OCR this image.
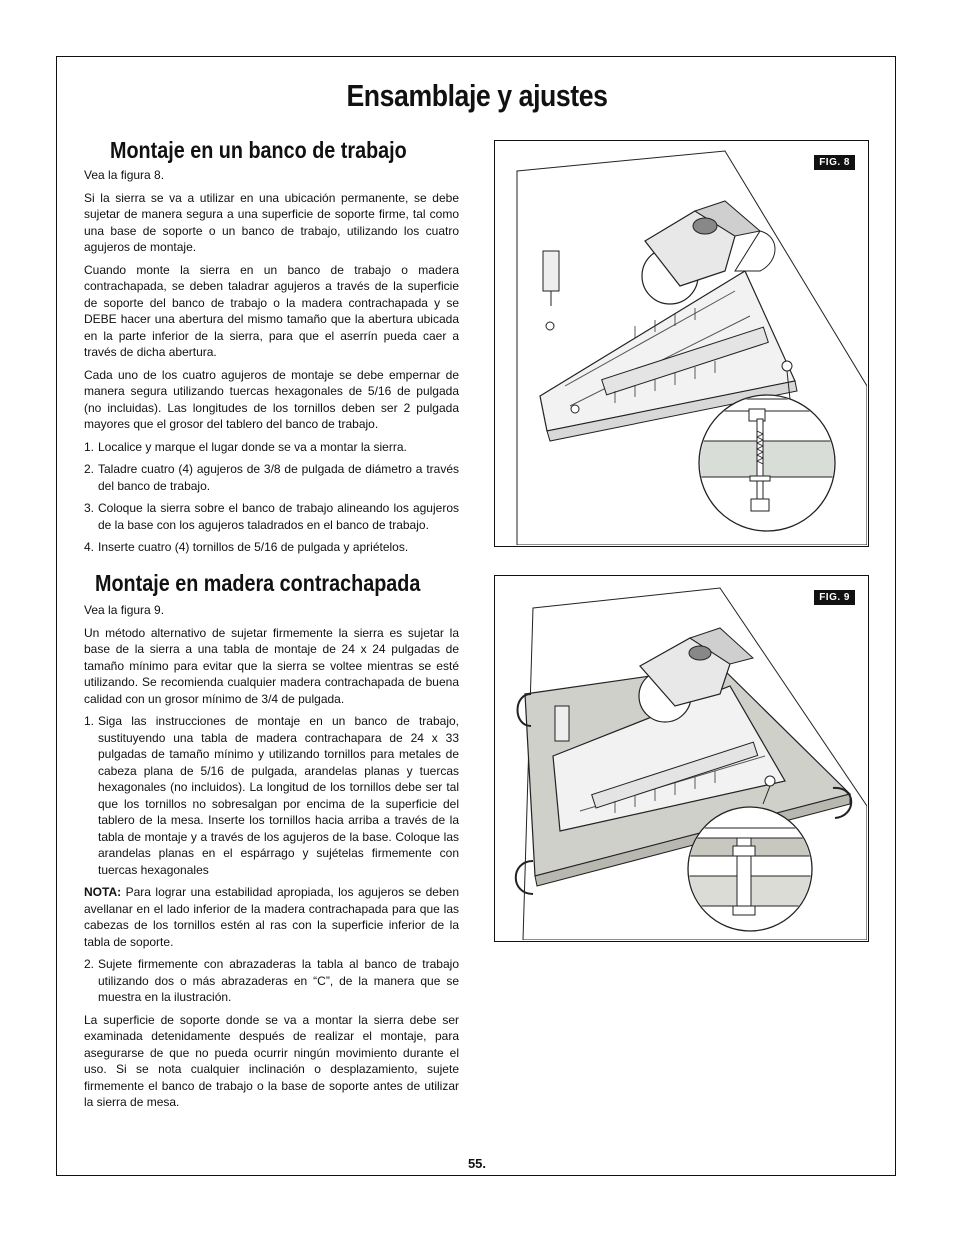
Ensamblaje y ajustes
Montaje en un banco de trabajo

Vea la figura 8.

Si la sierra se va a utilizar en una ubicación permanente, se debe sujetar de manera segura a una superficie de soporte firme, tal como una base de soporte o un banco de trabajo, utilizando los cuatro agujeros de montaje.

Cuando monte la sierra en un banco de trabajo o madera contrachapada, se deben taladrar agujeros a través de la superficie de soporte del banco de trabajo o la madera contrachapada y se DEBE hacer una abertura del mismo tamaño que la abertura ubicada en la parte inferior de la sierra, para que el aserrín pueda caer a través de dicha abertura.

Cada uno de los cuatro agujeros de montaje se debe empernar de manera segura utilizando tuercas hexagonales de 5/16 de pulgada (no incluidas). Las longitudes de los tornillos deben ser 2 pulgada mayores que el grosor del tablero del banco de trabajo.

1. Localice y marque el lugar donde se va a montar la sierra.
2. Taladre cuatro (4) agujeros de 3/8 de pulgada de diámetro a través del banco de trabajo.
3. Coloque la sierra sobre el banco de trabajo alineando los agujeros de la base con los agujeros taladrados en el banco de trabajo.
4. Inserte cuatro (4) tornillos de 5/16 de pulgada y apriételos.
Montaje en madera contrachapada

Vea la figura 9.

Un método alternativo de sujetar firmemente la sierra es sujetar la base de la sierra a una tabla de montaje de 24 x 24 pulgadas de tamaño mínimo para evitar que la sierra se voltee mientras se esté utilizando. Se recomienda cualquier madera contrachapada de buena calidad con un grosor mínimo de 3/4 de pulgada.

1. Siga las instrucciones de montaje en un banco de trabajo, sustituyendo una tabla de madera contrachapara de 24 x 33 pulgadas de tamaño mínimo y utilizando tornillos para metales de cabeza plana de 5/16 de pulgada, arandelas planas y tuercas hexagonales (no incluidos). La longitud de los tornillos debe ser tal que los tornillos no sobresalgan por encima de la superficie del tablero de la mesa. Inserte los tornillos hacia arriba a través de la tabla de montaje y a través de los agujeros de la base. Coloque las arandelas planas en el espárrago y sujételas firmemente con tuercas hexagonales

NOTA: Para lograr una estabilidad apropiada, los agujeros se deben avellanar en el lado inferior de la madera contrachapada para que las cabezas de los tornillos estén al ras con la superficie inferior de la tabla de soporte.

2. Sujete firmemente con abrazaderas la tabla al banco de trabajo utilizando dos o más abrazaderas en “C”, de la manera que se muestra en la ilustración.

La superficie de soporte donde se va a montar la sierra debe ser examinada detenidamente después de realizar el montaje, para asegurarse de que no pueda ocurrir ningún movimiento durante el uso. Si se nota cualquier inclinación o desplazamiento, sujete firmemente el banco de trabajo o la base de soporte antes de utilizar la sierra de mesa.

FIG. 8
FIG. 9
55.
